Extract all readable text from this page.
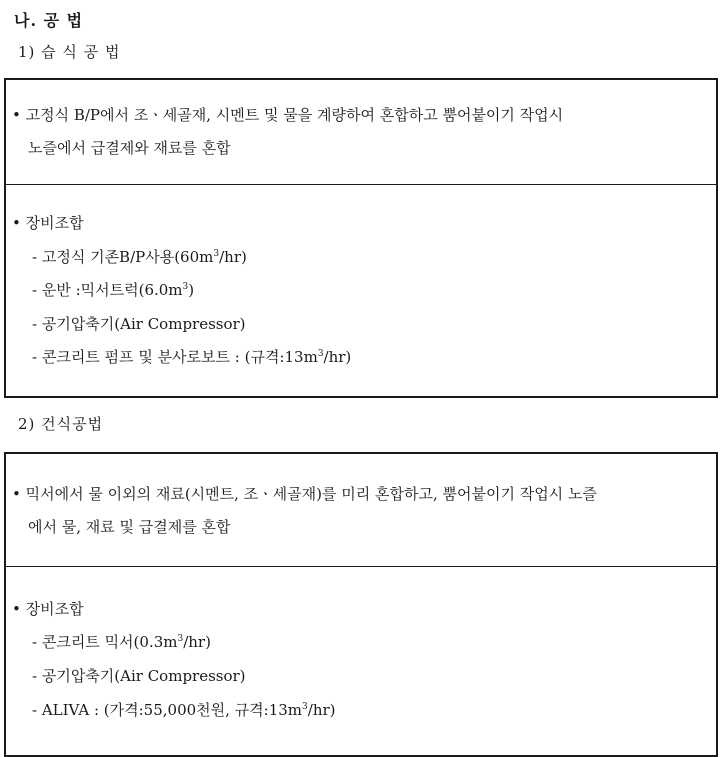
나. 공 법
1) 습 식 공 법
• 고정식 B/P에서 조ㆍ세골재, 시멘트 및 물을 계량하여 혼합하고 뿜어붙이기 작업시
노즐에서 급결제와 재료를 혼합
• 장비조합
- 고정식 기존B/P사용$(60m^3/hr)$
- 운반 :믹서트럭$(6.0m^3)$
- 공기압축기(Air Compressor)
- 콘크리트 펌프 및 분사로보트 : (규격$:13m^3/hr$)
2) 건식공법
• 믹서에서 물 이외의 재료(시멘트, 조ㆍ세골재)를 미리 혼합하고, 뿜어붙이기 작업시 노즐
에서 물, 재료 및 급결제를 혼합
• 장비조합
- 콘크리트 믹서$(0.3m^3/hr)$
- 공기압축기(Air Compressor)
- ALIVA : (가격:55,000천원, 규격$:13m^3/hr$)
